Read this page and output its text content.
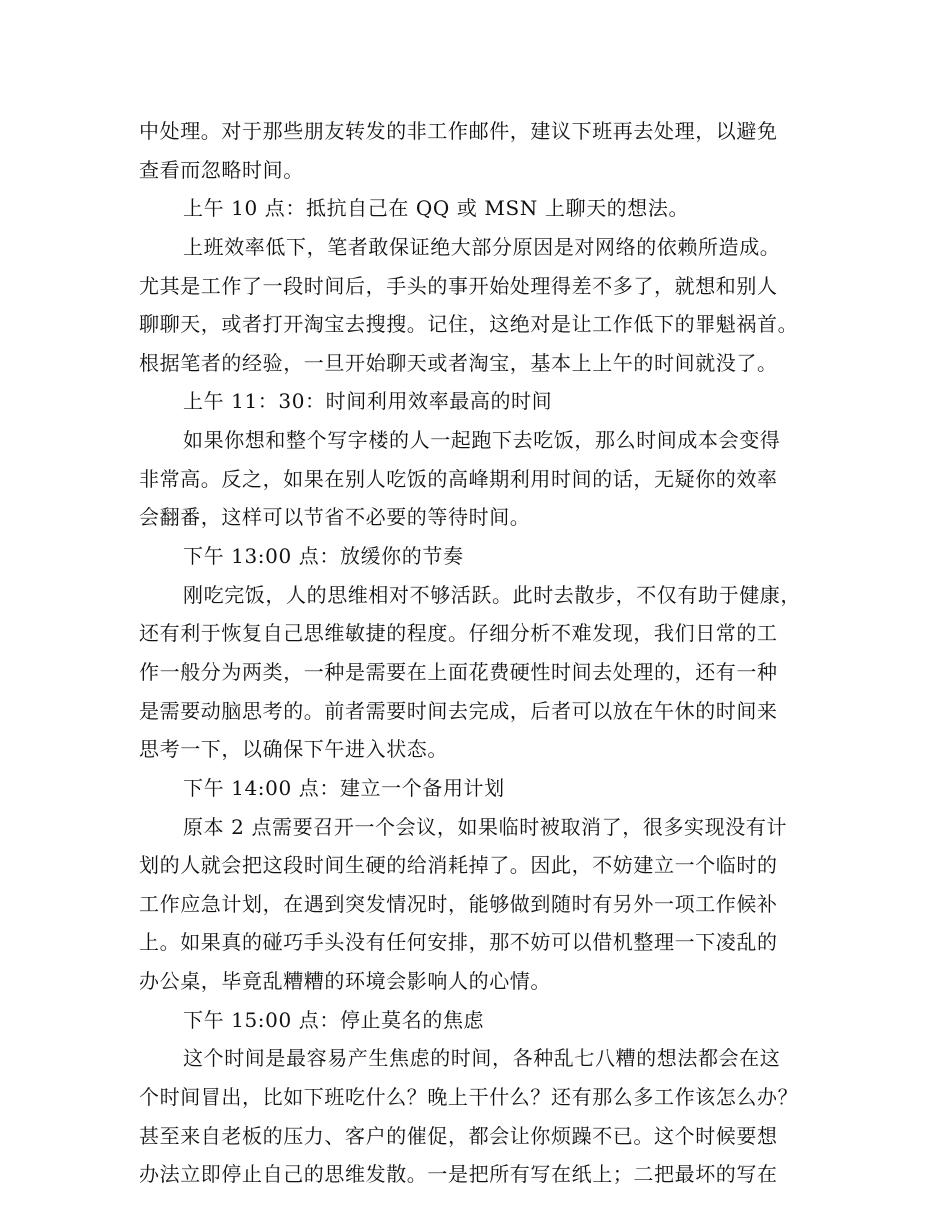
中处理。对于那些朋友转发的非工作邮件，建议下班再去处理，以避免
查看而忽略时间。
上午 10 点：抵抗自己在 QQ 或 MSN 上聊天的想法。
上班效率低下，笔者敢保证绝大部分原因是对网络的依赖所造成。
尤其是工作了一段时间后，手头的事开始处理得差不多了，就想和别人
聊聊天，或者打开淘宝去搜搜。记住，这绝对是让工作低下的罪魁祸首。
根据笔者的经验，一旦开始聊天或者淘宝，基本上上午的时间就没了。
上午 11：30：时间利用效率最高的时间
如果你想和整个写字楼的人一起跑下去吃饭，那么时间成本会变得
非常高。反之，如果在别人吃饭的高峰期利用时间的话，无疑你的效率
会翻番，这样可以节省不必要的等待时间。
下午 13:00 点：放缓你的节奏
刚吃完饭，人的思维相对不够活跃。此时去散步，不仅有助于健康，
还有利于恢复自己思维敏捷的程度。仔细分析不难发现，我们日常的工
作一般分为两类，一种是需要在上面花费硬性时间去处理的，还有一种
是需要动脑思考的。前者需要时间去完成，后者可以放在午休的时间来
思考一下，以确保下午进入状态。
下午 14:00 点：建立一个备用计划
原本 2 点需要召开一个会议，如果临时被取消了，很多实现没有计
划的人就会把这段时间生硬的给消耗掉了。因此，不妨建立一个临时的
工作应急计划，在遇到突发情况时，能够做到随时有另外一项工作候补
上。如果真的碰巧手头没有任何安排，那不妨可以借机整理一下凌乱的
办公桌，毕竟乱糟糟的环境会影响人的心情。
下午 15:00 点：停止莫名的焦虑
这个时间是最容易产生焦虑的时间，各种乱七八糟的想法都会在这
个时间冒出，比如下班吃什么？晚上干什么？还有那么多工作该怎么办？
甚至来自老板的压力、客户的催促，都会让你烦躁不已。这个时候要想
办法立即停止自己的思维发散。一是把所有写在纸上；二把最坏的写在
